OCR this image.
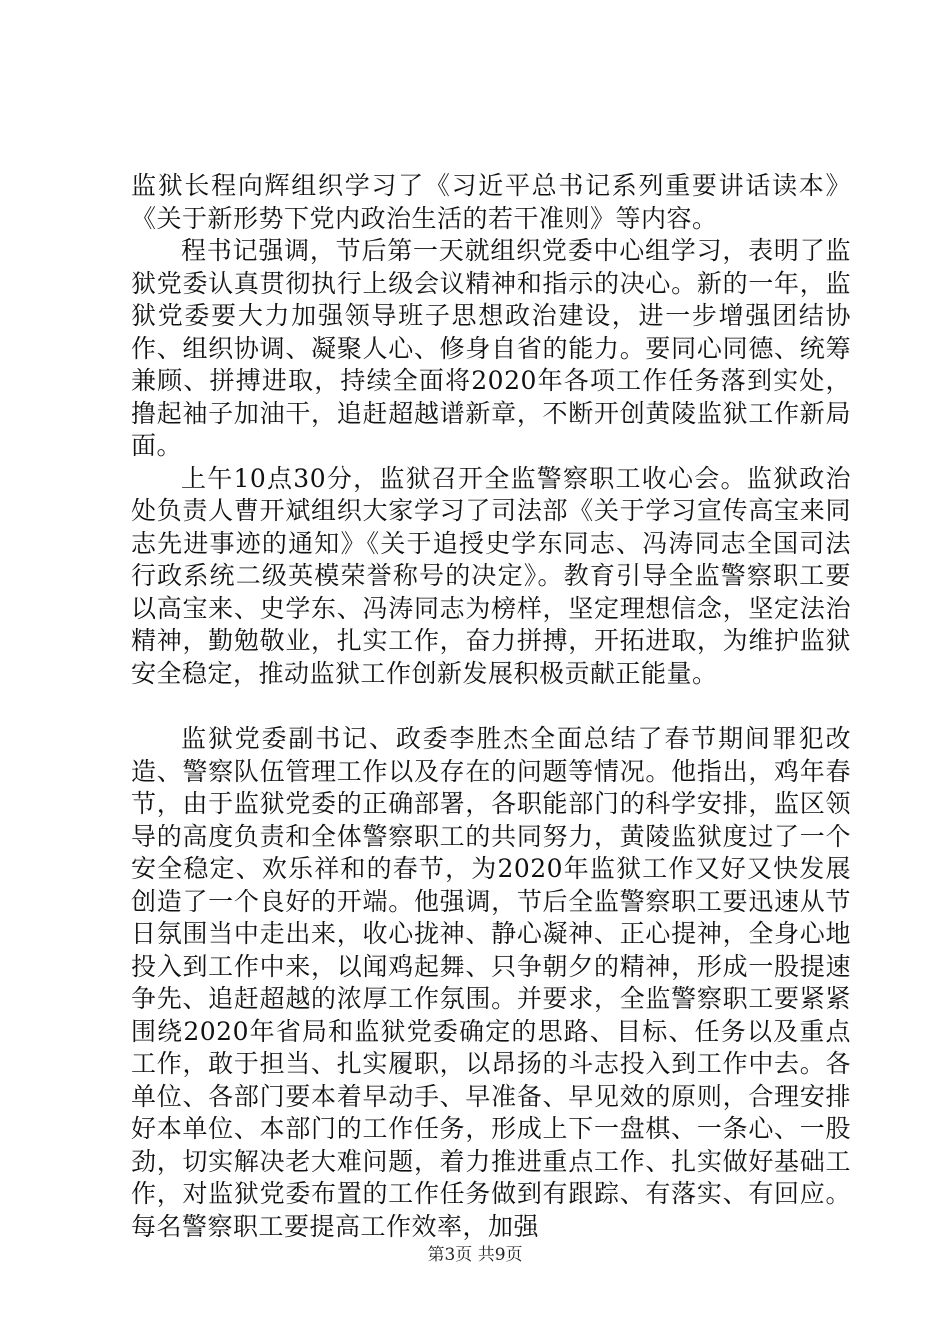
监狱长程向辉组织学习了《习近平总书记系列重要讲话读本》《关于新形势下党内政治生活的若干准则》等内容。

程书记强调，节后第一天就组织党委中心组学习，表明了监狱党委认真贯彻执行上级会议精神和指示的决心。新的一年，监狱党委要大力加强领导班子思想政治建设，进一步增强团结协作、组织协调、凝聚人心、修身自省的能力。要同心同德、统筹兼顾、拼搏进取，持续全面将2020年各项工作任务落到实处，撸起袖子加油干，追赶超越谱新章，不断开创黄陵监狱工作新局面。

上午10点30分，监狱召开全监警察职工收心会。监狱政治处负责人曹开斌组织大家学习了司法部《关于学习宣传高宝来同志先进事迹的通知》《关于追授史学东同志、冯涛同志全国司法行政系统二级英模荣誉称号的决定》。教育引导全监警察职工要以高宝来、史学东、冯涛同志为榜样，坚定理想信念，坚定法治精神，勤勉敬业，扎实工作，奋力拼搏，开拓进取，为维护监狱安全稳定，推动监狱工作创新发展积极贡献正能量。

监狱党委副书记、政委李胜杰全面总结了春节期间罪犯改造、警察队伍管理工作以及存在的问题等情况。他指出，鸡年春节，由于监狱党委的正确部署，各职能部门的科学安排，监区领导的高度负责和全体警察职工的共同努力，黄陵监狱度过了一个安全稳定、欢乐祥和的春节，为2020年监狱工作又好又快发展创造了一个良好的开端。他强调，节后全监警察职工要迅速从节日氛围当中走出来，收心拢神、静心凝神、正心提神，全身心地投入到工作中来，以闻鸡起舞、只争朝夕的精神，形成一股提速争先、追赶超越的浓厚工作氛围。并要求，全监警察职工要紧紧围绕2020年省局和监狱党委确定的思路、目标、任务以及重点工作，敢于担当、扎实履职，以昂扬的斗志投入到工作中去。各单位、各部门要本着早动手、早准备、早见效的原则，合理安排好本单位、本部门的工作任务，形成上下一盘棋、一条心、一股劲，切实解决老大难问题，着力推进重点工作、扎实做好基础工作，对监狱党委布置的工作任务做到有跟踪、有落实、有回应。每名警察职工要提高工作效率，加强

第3页 共9页
